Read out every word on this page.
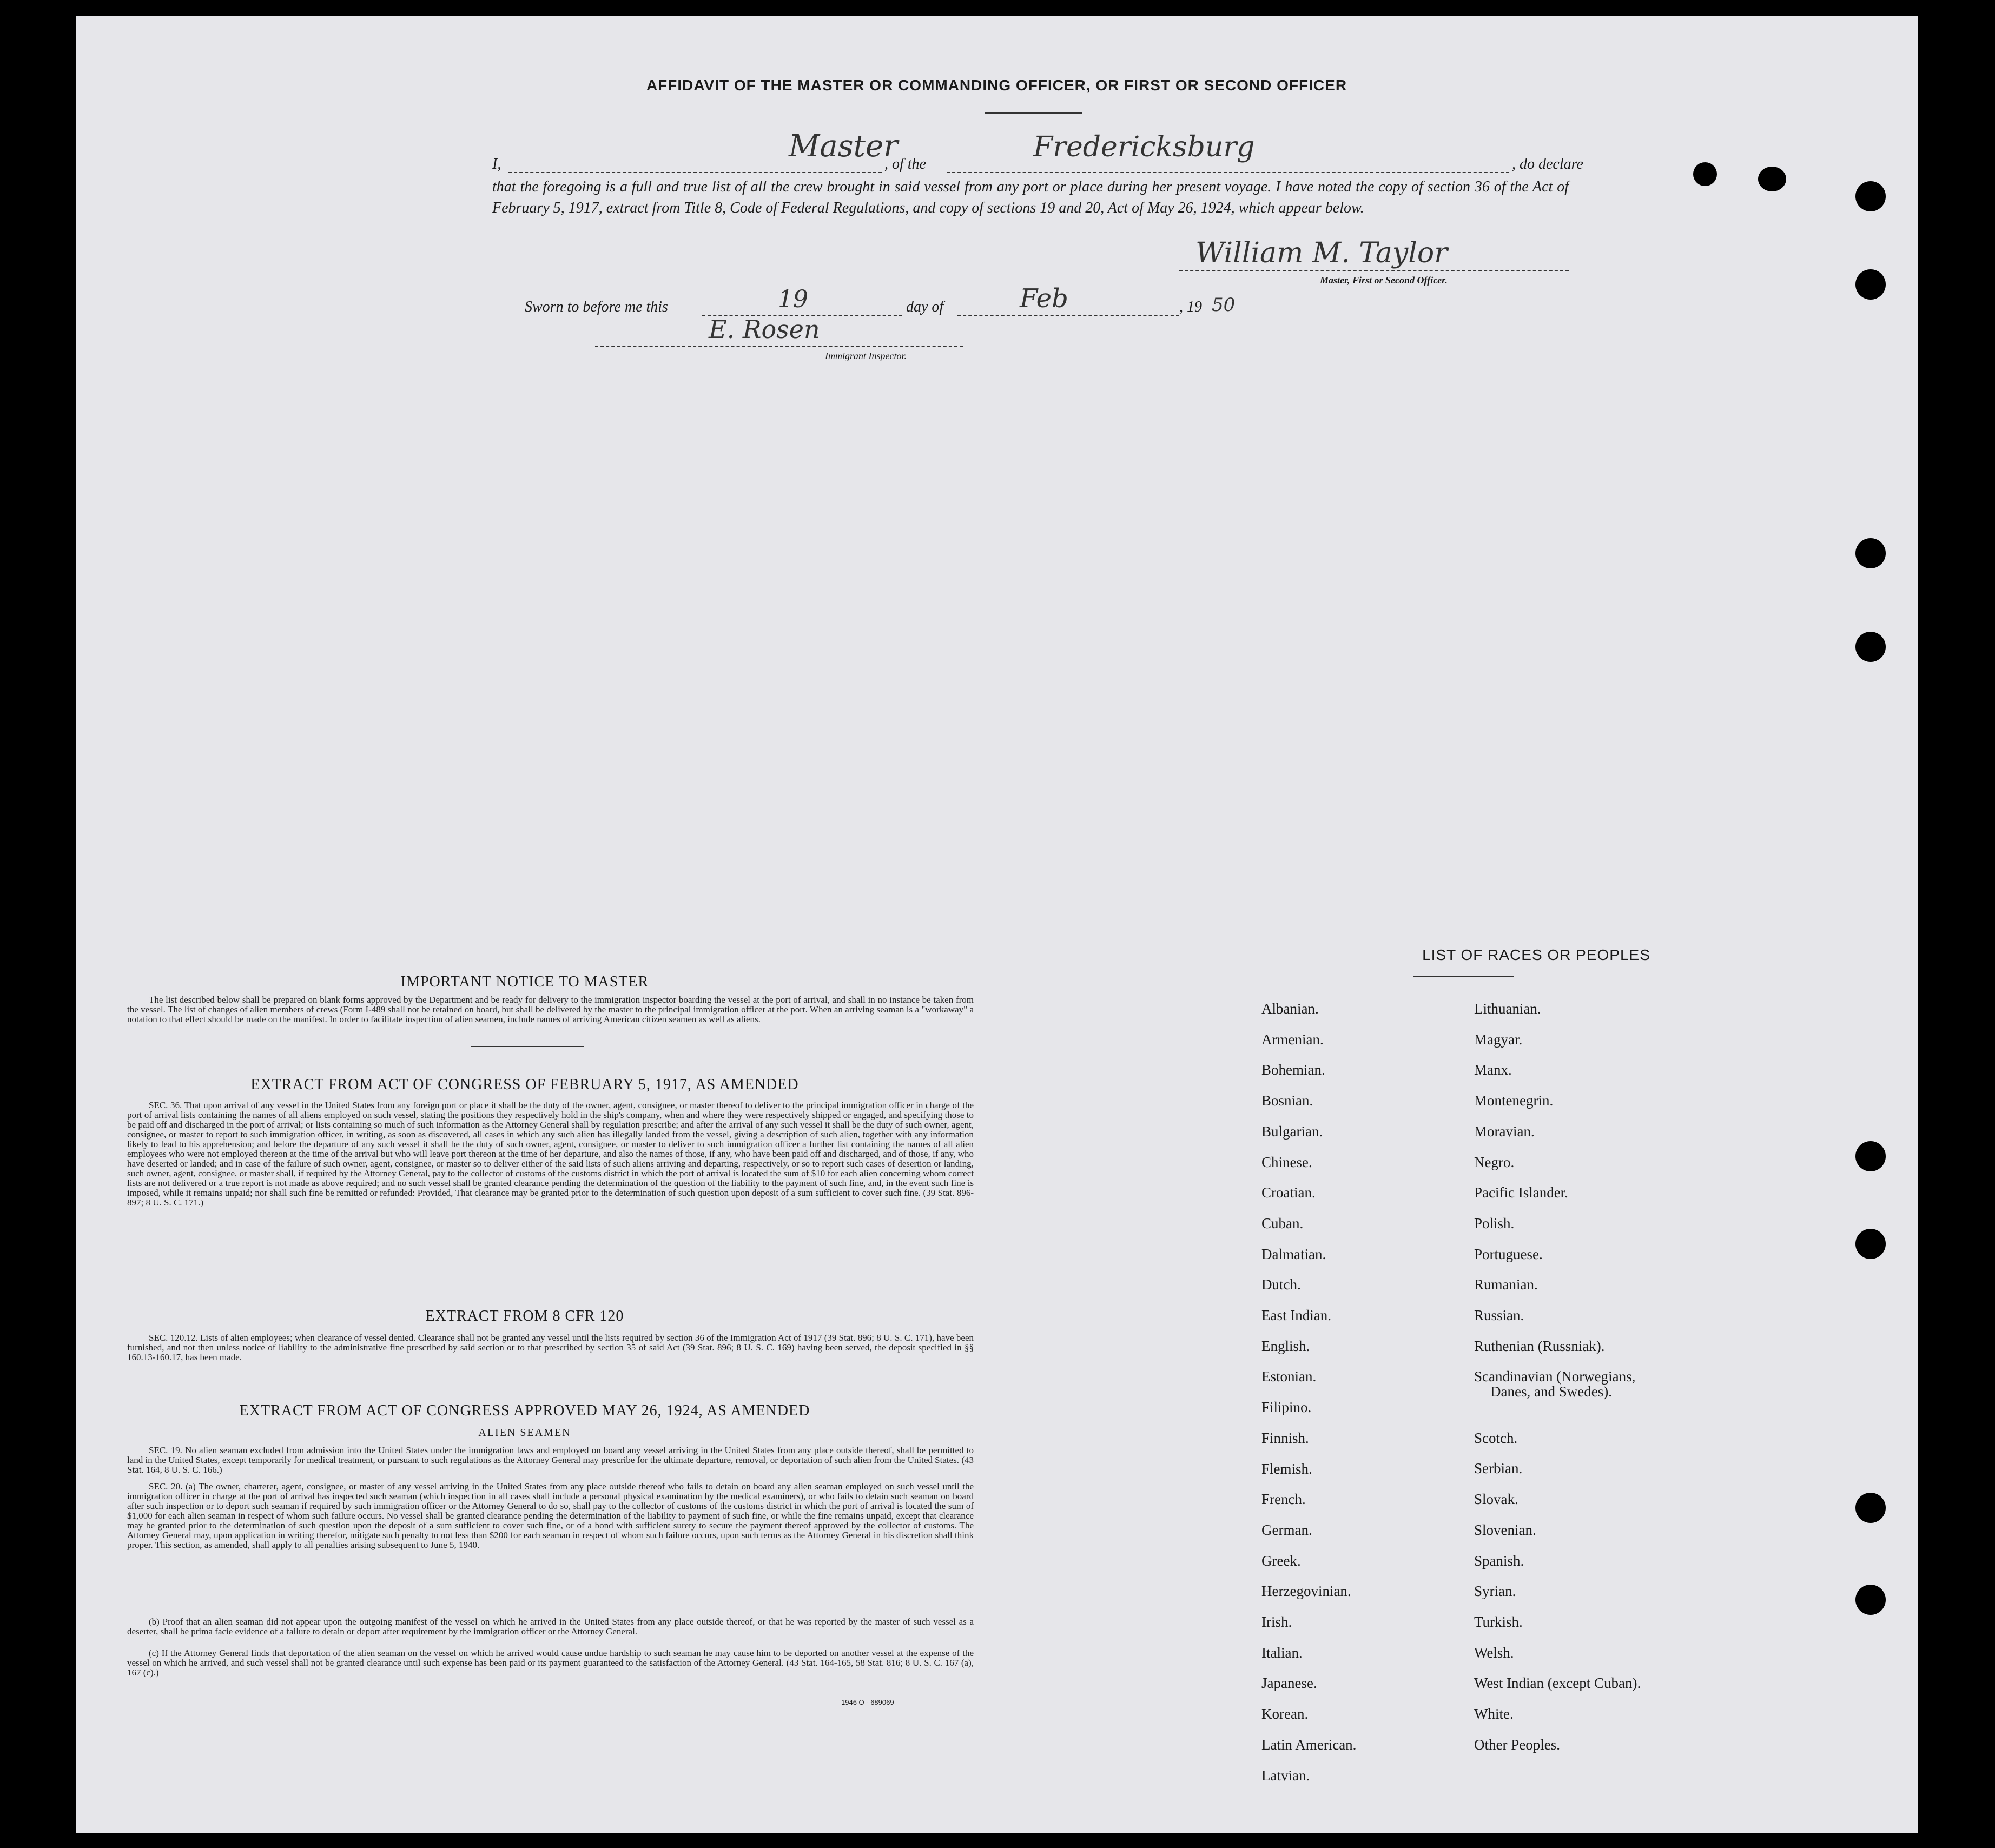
AFFIDAVIT OF THE MASTER OR COMMANDING OFFICER, OR FIRST OR SECOND OFFICER
I,
Master
, of the
Fredericksburg
, do declare
that the foregoing is a full and true list of all the crew brought in said vessel from any port or place during her present voyage. I have noted the copy of section 36 of the Act of February 5, 1917, extract from Title 8, Code of Federal Regulations, and copy of sections 19 and 20, Act of May 26, 1924, which appear below.
William M. Taylor
Master, First or Second Officer.
Sworn to before me this	19	day of	Feb	, 19 50
E. Rosen
Immigrant Inspector.
IMPORTANT NOTICE TO MASTER
The list described below shall be prepared on blank forms approved by the Department and be ready for delivery to the immigration inspector boarding the vessel at the port of arrival, and shall in no instance be taken from the vessel. The list of changes of alien members of crews (Form I-489 shall not be retained on board, but shall be delivered by the master to the principal immigration officer at the port. When an arriving seaman is a "workaway" a notation to that effect should be made on the manifest. In order to facilitate inspection of alien seamen, include names of arriving American citizen seamen as well as aliens.
EXTRACT FROM ACT OF CONGRESS OF FEBRUARY 5, 1917, AS AMENDED
SEC. 36. That upon arrival of any vessel in the United States from any foreign port or place it shall be the duty of the owner, agent, consignee, or master thereof to deliver to the principal immigration officer in charge of the port of arrival lists containing the names of all aliens employed on such vessel, stating the positions they respectively hold in the ship's company, when and where they were respectively shipped or engaged, and specifying those to be paid off and discharged in the port of arrival; or lists containing so much of such information as the Attorney General shall by regulation prescribe; and after the arrival of any such vessel it shall be the duty of such owner, agent, consignee, or master to report to such immigration officer, in writing, as soon as discovered, all cases in which any such alien has illegally landed from the vessel, giving a description of such alien, together with any information likely to lead to his apprehension; and before the departure of any such vessel it shall be the duty of such owner, agent, consignee, or master to deliver to such immigration officer a further list containing the names of all alien employees who were not employed thereon at the time of the arrival but who will leave port thereon at the time of her departure, and also the names of those, if any, who have been paid off and discharged, and of those, if any, who have deserted or landed; and in case of the failure of such owner, agent, consignee, or master so to deliver either of the said lists of such aliens arriving and departing, respectively, or so to report such cases of desertion or landing, such owner, agent, consignee, or master shall, if required by the Attorney General, pay to the collector of customs of the customs district in which the port of arrival is located the sum of $10 for each alien concerning whom correct lists are not delivered or a true report is not made as above required; and no such vessel shall be granted clearance pending the determination of the question of the liability to the payment of such fine, and, in the event such fine is imposed, while it remains unpaid; nor shall such fine be remitted or refunded: Provided, That clearance may be granted prior to the determination of such question upon deposit of a sum sufficient to cover such fine. (39 Stat. 896-897; 8 U. S. C. 171.)
EXTRACT FROM 8 CFR 120
SEC. 120.12. Lists of alien employees; when clearance of vessel denied. Clearance shall not be granted any vessel until the lists required by section 36 of the Immigration Act of 1917 (39 Stat. 896; 8 U. S. C. 171), have been furnished, and not then unless notice of liability to the administrative fine prescribed by said section or to that prescribed by section 35 of said Act (39 Stat. 896; 8 U. S. C. 169) having been served, the deposit specified in §§ 160.13-160.17, has been made.
EXTRACT FROM ACT OF CONGRESS APPROVED MAY 26, 1924, AS AMENDED
ALIEN SEAMEN
SEC. 19. No alien seaman excluded from admission into the United States under the immigration laws and employed on board any vessel arriving in the United States from any place outside thereof, shall be permitted to land in the United States, except temporarily for medical treatment, or pursuant to such regulations as the Attorney General may prescribe for the ultimate departure, removal, or deportation of such alien from the United States. (43 Stat. 164, 8 U. S. C. 166.)
SEC. 20. (a) The owner, charterer, agent, consignee, or master of any vessel arriving in the United States from any place outside thereof who fails to detain on board any alien seaman employed on such vessel until the immigration officer in charge at the port of arrival has inspected such seaman (which inspection in all cases shall include a personal physical examination by the medical examiners), or who fails to detain such seaman on board after such inspection or to deport such seaman if required by such immigration officer or the Attorney General to do so, shall pay to the collector of customs of the customs district in which the port of arrival is located the sum of $1,000 for each alien seaman in respect of whom such failure occurs. No vessel shall be granted clearance pending the determination of the liability to payment of such fine, or while the fine remains unpaid, except that clearance may be granted prior to the determination of such question upon the deposit of a sum sufficient to cover such fine, or of a bond with sufficient surety to secure the payment thereof approved by the collector of customs. The Attorney General may, upon application in writing therefor, mitigate such penalty to not less than $200 for each seaman in respect of whom such failure occurs, upon such terms as the Attorney General in his discretion shall think proper. This section, as amended, shall apply to all penalties arising subsequent to June 5, 1940.
(b) Proof that an alien seaman did not appear upon the outgoing manifest of the vessel on which he arrived in the United States from any place outside thereof, or that he was reported by the master of such vessel as a deserter, shall be prima facie evidence of a failure to detain or deport after requirement by the immigration officer or the Attorney General.
(c) If the Attorney General finds that deportation of the alien seaman on the vessel on which he arrived would cause undue hardship to such seaman he may cause him to be deported on another vessel at the expense of the vessel on which he arrived, and such vessel shall not be granted clearance until such expense has been paid or its payment guaranteed to the satisfaction of the Attorney General. (43 Stat. 164-165, 58 Stat. 816; 8 U. S. C. 167 (a), 167 (c).)
1946 O - 689069
LIST OF RACES OR PEOPLES
Albanian.
Armenian.
Bohemian.
Bosnian.
Bulgarian.
Chinese.
Croatian.
Cuban.
Dalmatian.
Dutch.
East Indian.
English.
Estonian.
Filipino.
Finnish.
Flemish.
French.
German.
Greek.
Herzegovinian.
Irish.
Italian.
Japanese.
Korean.
Latin American.
Latvian.
Lithuanian.
Magyar.
Manx.
Montenegrin.
Moravian.
Negro.
Pacific Islander.
Polish.
Portuguese.
Rumanian.
Russian.
Ruthenian (Russniak).
Scandinavian (Norwegians,
Danes, and Swedes).
Scotch.
Serbian.
Slovak.
Slovenian.
Spanish.
Syrian.
Turkish.
Welsh.
West Indian (except Cuban).
White.
Other Peoples.
